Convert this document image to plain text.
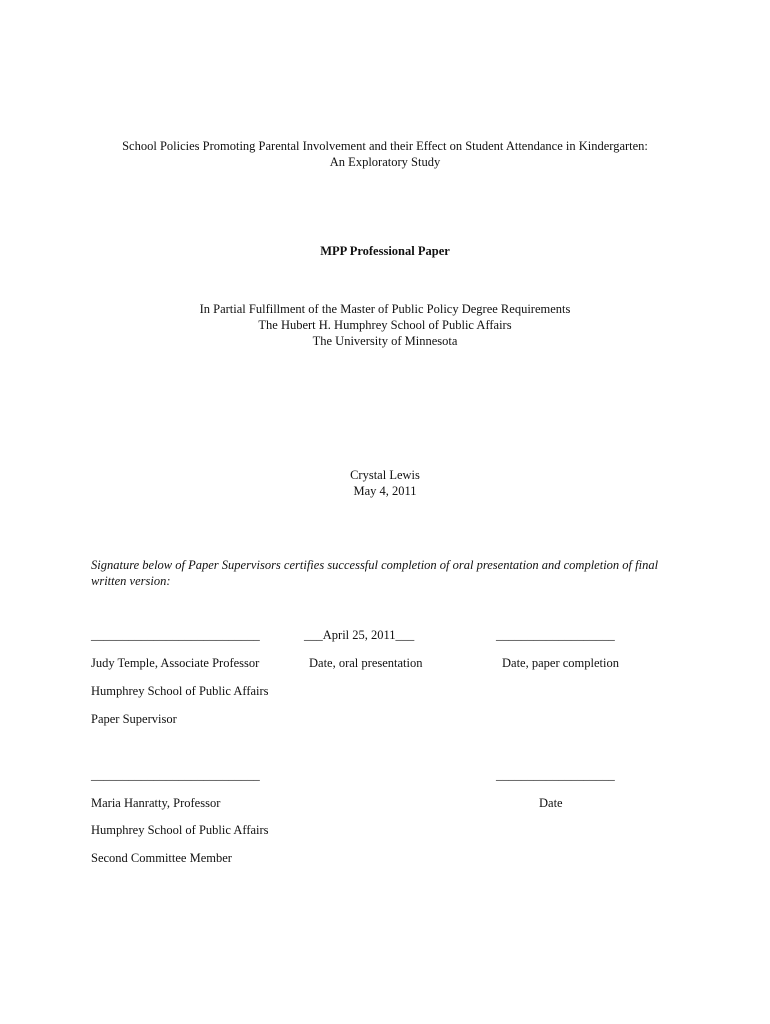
School Policies Promoting Parental Involvement and their Effect on Student Attendance in Kindergarten:
An Exploratory Study
MPP Professional Paper
In Partial Fulfillment of the Master of Public Policy Degree Requirements
The Hubert H. Humphrey School of Public Affairs
The University of Minnesota
Crystal Lewis
May 4, 2011
Signature below of Paper Supervisors certifies successful completion of oral presentation and completion of final written version:
___________________________	___April 25, 2011___	___________________
Judy Temple, Associate Professor	Date, oral presentation	Date, paper completion
Humphrey School of Public Affairs
Paper Supervisor
___________________________	___________________
Maria Hanratty, Professor	Date
Humphrey School of Public Affairs
Second Committee Member
